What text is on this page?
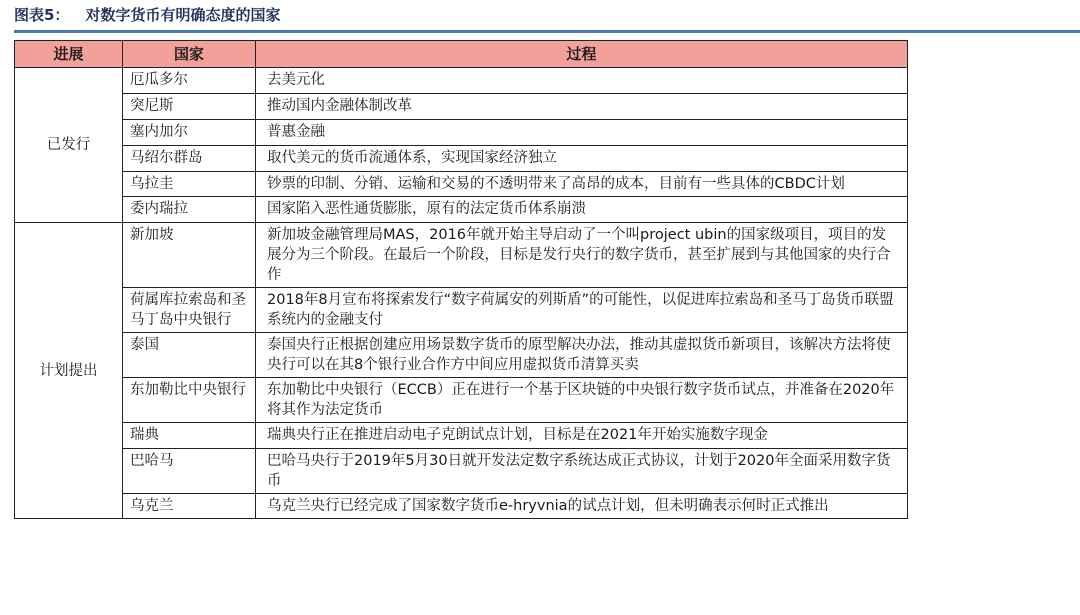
图表5： 对数字货币有明确态度的国家
进展	国家	过程
已发行	厄瓜多尔	去美元化
	突尼斯	推动国内金融体制改革
	塞内加尔	普惠金融
	马绍尔群岛	取代美元的货币流通体系，实现国家经济独立
	乌拉圭	钞票的印制、分销、运输和交易的不透明带来了高昂的成本，目前有一些具体的CBDC计划
	委内瑞拉	国家陷入恶性通货膨胀，原有的法定货币体系崩溃
计划提出	新加坡	新加坡金融管理局MAS，2016年就开始主导启动了一个叫project ubin的国家级项目，项目的发展分为三个阶段。在最后一个阶段，目标是发行央行的数字货币，甚至扩展到与其他国家的央行合作
	荷属库拉索岛和圣马丁岛中央银行	2018年8月宣布将探索发行“数字荷属安的列斯盾”的可能性，以促进库拉索岛和圣马丁岛货币联盟系统内的金融支付
	泰国	泰国央行正根据创建应用场景数字货币的原型解决办法，推动其虚拟货币新项目，该解决方法将使央行可以在其8个银行业合作方中间应用虚拟货币清算买卖
	东加勒比中央银行	东加勒比中央银行（ECCB）正在进行一个基于区块链的中央银行数字货币试点，并准备在2020年将其作为法定货币
	瑞典	瑞典央行正在推进启动电子克朗试点计划，目标是在2021年开始实施数字现金
	巴哈马	巴哈马央行于2019年5月30日就开发法定数字系统达成正式协议，计划于2020年全面采用数字货币
	乌克兰	乌克兰央行已经完成了国家数字货币e-hryvnia的试点计划，但未明确表示何时正式推出
